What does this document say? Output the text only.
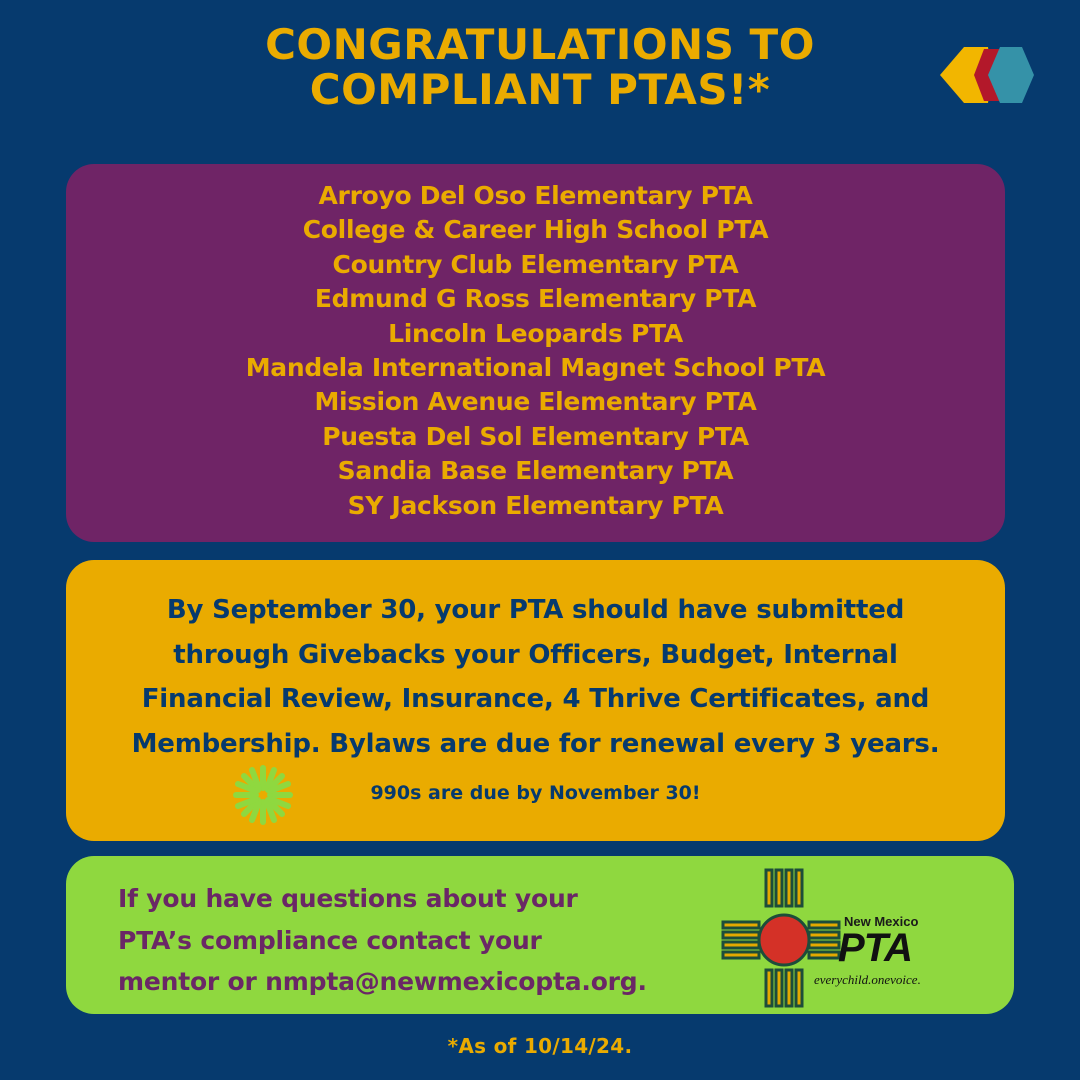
CONGRATULATIONS TO
COMPLIANT PTAS!*
Arroyo Del Oso Elementary PTA
College & Career High School PTA
Country Club Elementary PTA
Edmund G Ross Elementary PTA
Lincoln Leopards PTA
Mandela International Magnet School PTA
Mission Avenue Elementary PTA
Puesta Del Sol Elementary PTA
Sandia Base Elementary PTA
SY Jackson Elementary PTA
By September 30, your PTA should have submitted
through Givebacks your Officers, Budget, Internal
Financial Review, Insurance, 4 Thrive Certificates, and
Membership. Bylaws are due for renewal every 3 years.
990s are due by November 30!
If you have questions about your
PTA’s compliance contact your
mentor or nmpta@newmexicopta.org.
New Mexico
PTA
everychild.onevoice.
*As of 10/14/24.
